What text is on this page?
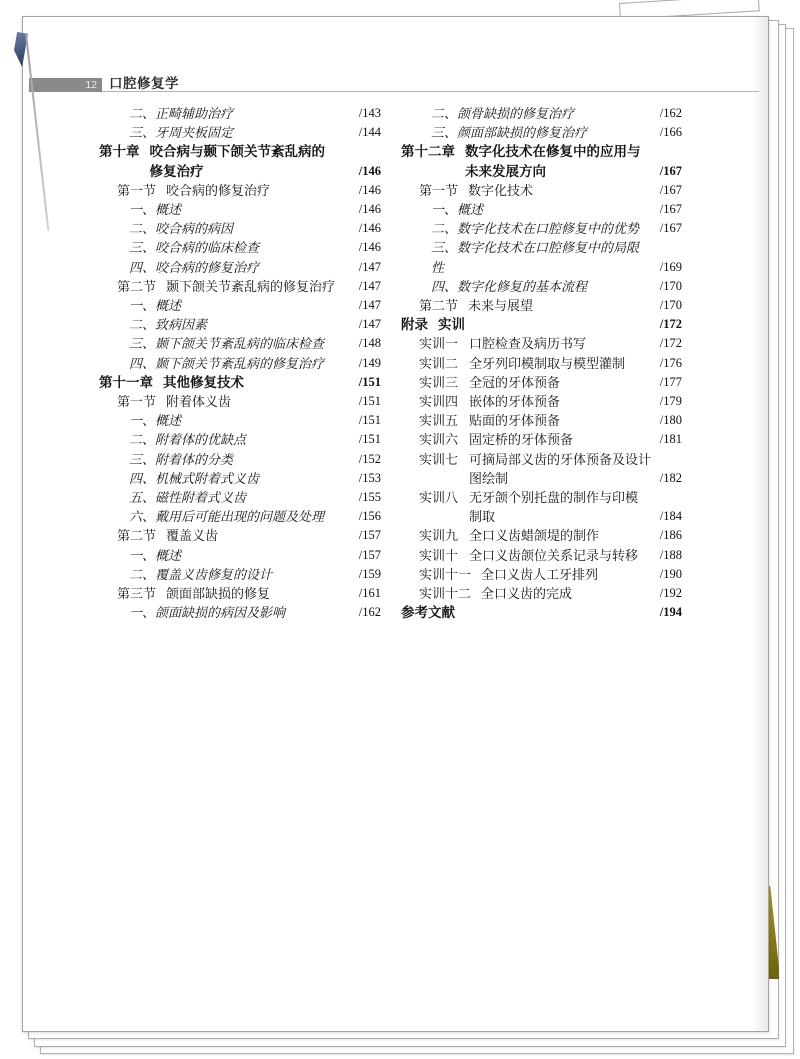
12 口腔修复学
二、正畸辅助治疗	/143
三、牙周夹板固定	/144
第十章 咬合病与颞下颌关节紊乱病的
修复治疗	/146
第一节 咬合病的修复治疗	/146
一、概述	/146
二、咬合病的病因	/146
三、咬合病的临床检查	/146
四、咬合病的修复治疗	/147
第二节 颞下颌关节紊乱病的修复治疗	/147
一、概述	/147
二、致病因素	/147
三、颞下颌关节紊乱病的临床检查	/148
四、颞下颌关节紊乱病的修复治疗	/149
第十一章 其他修复技术	/151
第一节 附着体义齿	/151
一、概述	/151
二、附着体的优缺点	/151
三、附着体的分类	/152
四、机械式附着式义齿	/153
五、磁性附着式义齿	/155
六、戴用后可能出现的问题及处理	/156
第二节 覆盖义齿	/157
一、概述	/157
二、覆盖义齿修复的设计	/159
第三节 颌面部缺损的修复	/161
一、颌面缺损的病因及影响	/162
二、颌骨缺损的修复治疗	/162
三、颜面部缺损的修复治疗	/166
第十二章 数字化技术在修复中的应用与
未来发展方向	/167
第一节 数字化技术	/167
一、概述	/167
二、数字化技术在口腔修复中的优势	/167
三、数字化技术在口腔修复中的局限性	/169
四、数字化修复的基本流程	/170
第二节 未来与展望	/170
附录 实训	/172
实训一 口腔检查及病历书写	/172
实训二 全牙列印模制取与模型灌制	/176
实训三 全冠的牙体预备	/177
实训四 嵌体的牙体预备	/179
实训五 贴面的牙体预备	/180
实训六 固定桥的牙体预备	/181
实训七 可摘局部义齿的牙体预备及设计
图绘制	/182
实训八 无牙颌个别托盘的制作与印模
制取	/184
实训九 全口义齿蜡颌堤的制作	/186
实训十 全口义齿颌位关系记录与转移	/188
实训十一 全口义齿人工牙排列	/190
实训十二 全口义齿的完成	/192
参考文献	/194
